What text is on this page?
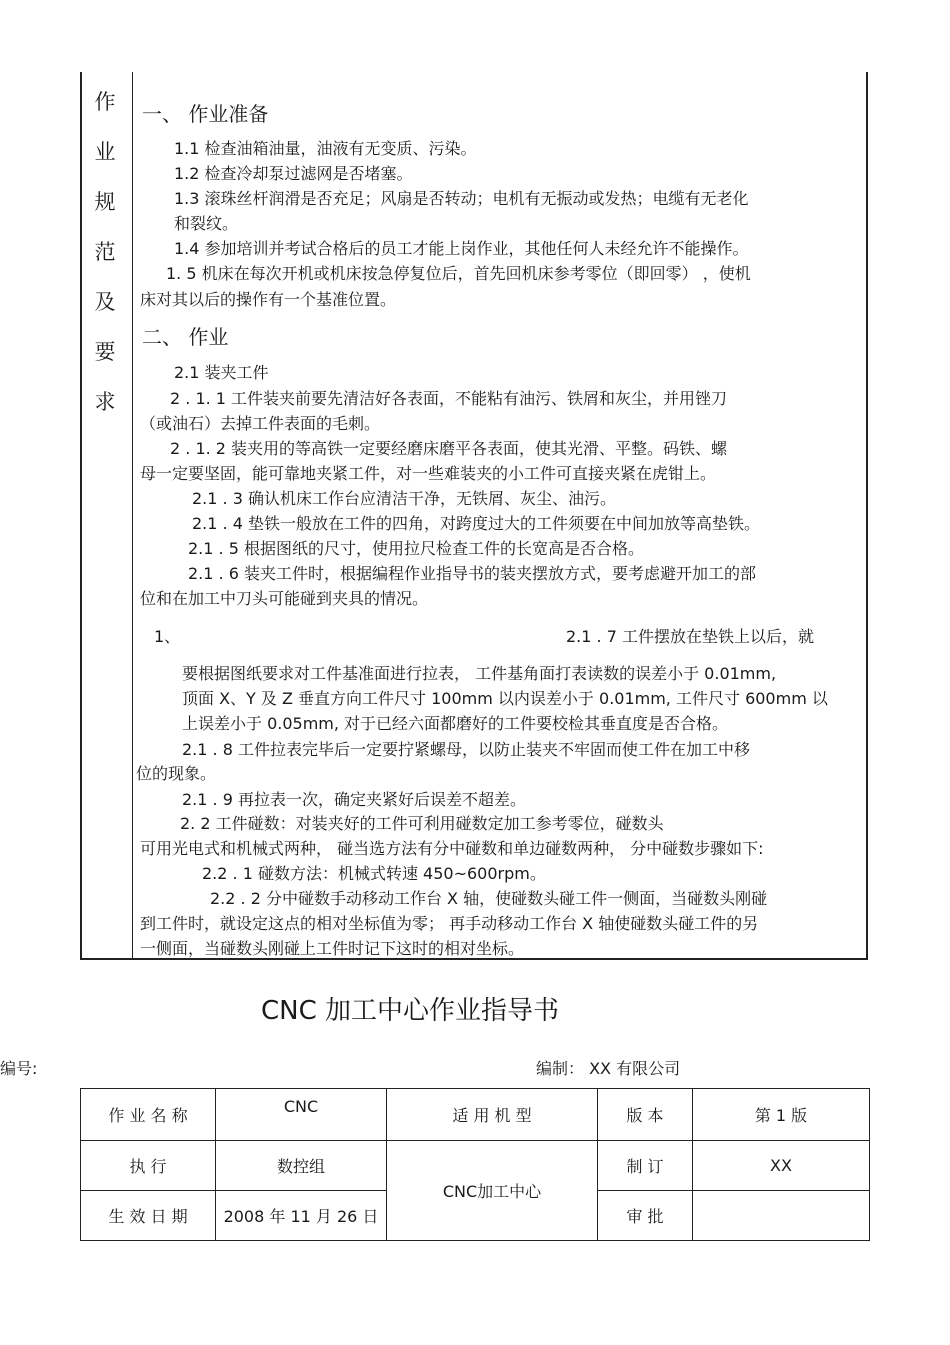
作
业
规
范
及
要
求
一、 作业准备
1.1 检查油箱油量，油液有无变质、污染。
1.2 检查冷却泵过滤网是否堵塞。
1.3 滚珠丝杆润滑是否充足；风扇是否转动；电机有无振动或发热；电缆有无老化
和裂纹。
1.4 参加培训并考试合格后的员工才能上岗作业，其他任何人未经允许不能操作。
1. 5 机床在每次开机或机床按急停复位后，首先回机床参考零位（即回零） ，使机
床对其以后的操作有一个基准位置。
二、 作业
2.1 装夹工件
2 . 1. 1 工件装夹前要先清洁好各表面，不能粘有油污、铁屑和灰尘，并用锉刀
（或油石）去掉工件表面的毛刺。
2 . 1. 2 装夹用的等高铁一定要经磨床磨平各表面，使其光滑、平整。码铁、螺
母一定要坚固，能可靠地夹紧工件，对一些难装夹的小工件可直接夹紧在虎钳上。
2.1 . 3 确认机床工作台应清洁干净，无铁屑、灰尘、油污。
2.1 . 4 垫铁一般放在工件的四角，对跨度过大的工件须要在中间加放等高垫铁。
2.1 . 5 根据图纸的尺寸，使用拉尺检查工件的长宽高是否合格。
2.1 . 6 装夹工件时，根据编程作业指导书的装夹摆放方式，要考虑避开加工的部
位和在加工中刀头可能碰到夹具的情况。
1、	2.1 . 7 工件摆放在垫铁上以后，就
要根据图纸要求对工件基准面进行拉表， 工件基角面打表读数的误差小于 0.01mm,
顶面 X、Y 及 Z 垂直方向工件尺寸 100mm 以内误差小于 0.01mm, 工件尺寸 600mm 以
上误差小于 0.05mm, 对于已经六面都磨好的工件要校检其垂直度是否合格。
2.1 . 8 工件拉表完毕后一定要拧紧螺母，以防止装夹不牢固而使工件在加工中移
位的现象。
2.1 . 9 再拉表一次，确定夹紧好后误差不超差。
2. 2 工件碰数：对装夹好的工件可利用碰数定加工参考零位，碰数头
可用光电式和机械式两种， 碰当选方法有分中碰数和单边碰数两种， 分中碰数步骤如下:
2.2 . 1 碰数方法：机械式转速 450~600rpm。
2.2 . 2 分中碰数手动移动工作台 X 轴，使碰数头碰工件一侧面，当碰数头刚碰
到工件时，就设定这点的相对坐标值为零； 再手动移动工作台 X 轴使碰数头碰工件的另
一侧面，当碰数头刚碰上工件时记下这时的相对坐标。
CNC 加工中心作业指导书
编号:	编制： XX 有限公司
作 业 名 称	CNC	适 用 机 型	版 本	第 1 版
执 行	数控组	CNC加工中心	制 订	XX
生 效 日 期	2008 年 11 月 26 日		审 批	
